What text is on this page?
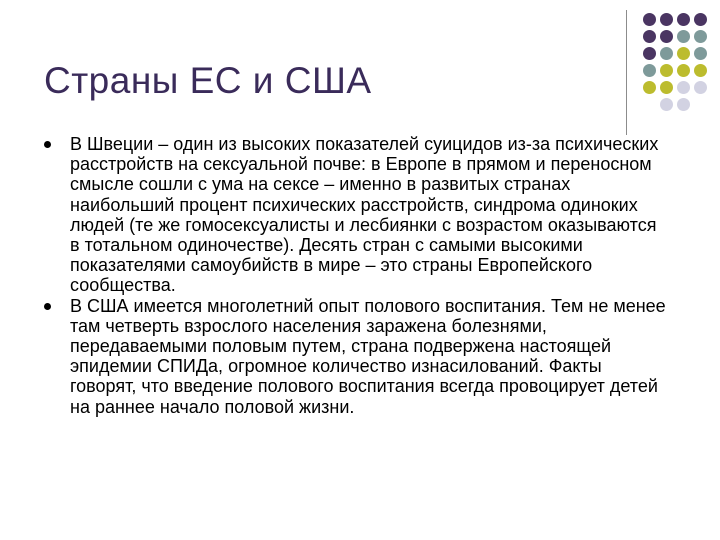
Страны ЕС и США
В Швеции – один из высоких показателей суицидов из-за психических расстройств на сексуальной почве: в Европе в прямом и переносном смысле сошли с ума на сексе – именно в развитых странах наибольший процент психических расстройств, синдрома одиноких людей (те же гомосексуалисты и лесбиянки с возрастом оказываются в тотальном одиночестве). Десять стран с самыми высокими показателями самоубийств в мире – это страны Европейского сообщества.
В США имеется многолетний опыт полового воспитания. Тем не менее там четверть взрослого населения заражена болезнями, передаваемыми половым путем, страна подвержена настоящей эпидемии СПИДа, огромное количество изнасилований. Факты говорят, что введение полового воспитания всегда провоцирует детей на раннее начало половой жизни.
